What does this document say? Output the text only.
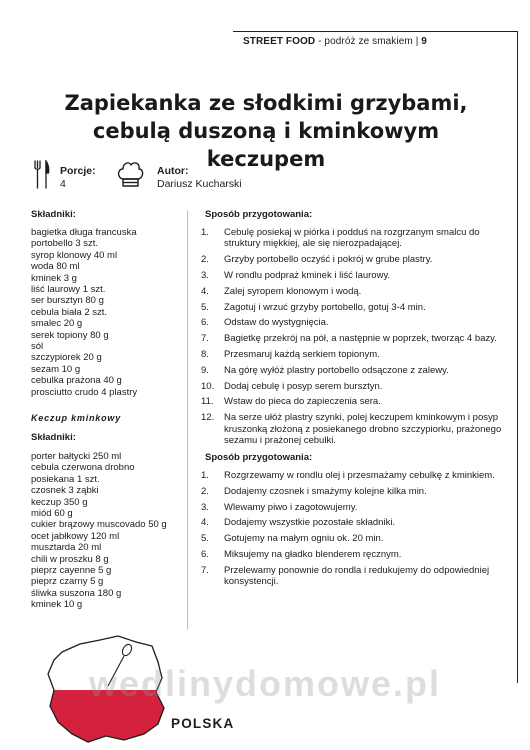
STREET FOOD - podróż ze smakiem | 9
Zapiekanka ze słodkimi grzybami,
cebulą duszoną i kminkowym keczupem
Porcje:
4
Autor:
Dariusz Kucharski
Składniki:
bagietka długa francuska
portobello 3 szt.
syrop klonowy 40 ml
woda 80 ml
kminek 3 g
liść laurowy 1 szt.
ser bursztyn 80 g
cebula biała 2 szt.
smalec 20 g
serek topiony 80 g
sól
szczypiorek 20 g
sezam 10 g
cebulka prażona 40 g
prosciutto crudo 4 plastry
Keczup kminkowy
Składniki:
porter bałtycki 250 ml
cebula czerwona drobno
posiekana 1 szt.
czosnek 3 ząbki
keczup 350 g
miód 60 g
cukier brązowy muscovado 50 g
ocet jabłkowy 120 ml
musztarda 20 ml
chili w proszku 8 g
pieprz cayenne 5 g
pieprz czarny 5 g
śliwka suszona 180 g
kminek 10 g
Sposób przygotowania:
1.	Cebulę posiekaj w piórka i podduś na rozgrzanym smalcu do struktury miękkiej, ale się nierozpadającej.
2.	Grzyby portobello oczyść i pokrój w grube plastry.
3.	W rondlu podpraż kminek i liść laurowy.
4.	Zalej syropem klonowym i wodą.
5.	Zagotuj i wrzuć grzyby portobello, gotuj 3-4 min.
6.	Odstaw do wystygnięcia.
7.	Bagietkę przekrój na pół, a następnie w poprzek, tworząc 4 bazy.
8.	Przesmaruj każdą serkiem topionym.
9.	Na górę wyłóż plastry portobello odsączone z zalewy.
10.	Dodaj cebulę i posyp serem bursztyn.
11.	Wstaw do pieca do zapieczenia sera.
12.	Na serze ułóż plastry szynki, polej keczupem kminkowym i posyp kruszonką złożoną z posiekanego drobno szczypiorku, prażonego sezamu i prażonej cebulki.
Sposób przygotowania:
1.	Rozgrzewamy w rondlu olej i przesmażamy cebulkę z kminkiem.
2.	Dodajemy czosnek i smażymy kolejne kilka min.
3.	Wlewamy piwo i zagotowujemy.
4.	Dodajemy wszystkie pozostałe składniki.
5.	Gotujemy na małym ogniu ok. 20 min.
6.	Miksujemy na gładko blenderem ręcznym.
7.	Przelewamy ponownie do rondla i redukujemy do odpowiedniej konsystencji.
POLSKA
wedlinydomowe.pl
